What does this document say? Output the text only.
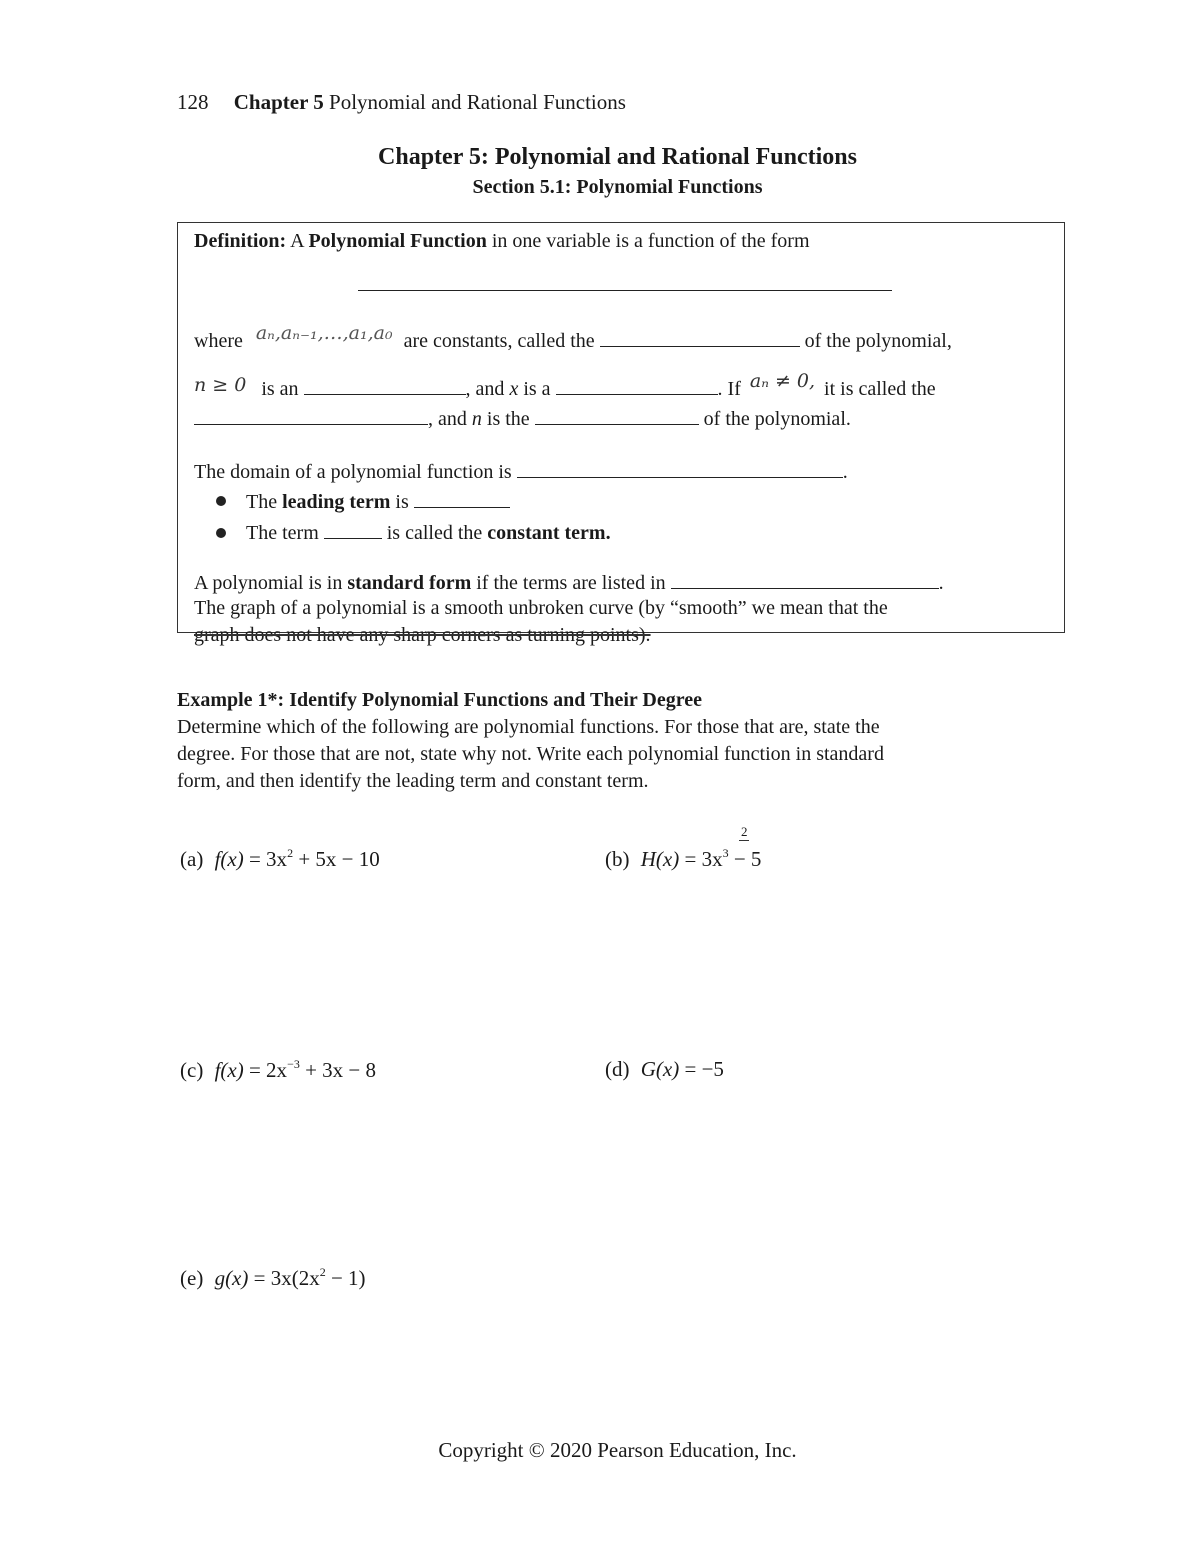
128 Chapter 5 Polynomial and Rational Functions
Chapter 5: Polynomial and Rational Functions
Section 5.1: Polynomial Functions
Definition: A Polynomial Function in one variable is a function of the form
where aₙ,aₙ₋₁,…,a₁,a₀ are constants, called the	of the polynomial,
n ≥ 0 is an	, and x is a	. If aₙ ≠ 0, it is called the
, and n is the	of the polynomial.
The domain of a polynomial function is	.
The leading term is
The term	is called the constant term.
A polynomial is in standard form if the terms are listed in	.
The graph of a polynomial is a smooth unbroken curve (by “smooth” we mean that the
graph does not have any sharp corners as turning points).
Example 1*: Identify Polynomial Functions and Their Degree
Determine which of the following are polynomial functions. For those that are, state the
degree. For those that are not, state why not. Write each polynomial function in standard
form, and then identify the leading term and constant term.
(a) $f(x) = 3x^2 + 5x - 10$
2
(b) $H(x) = 3x^3 - 5$
(c) $f(x) = 2x^{-3} + 3x - 8$	(d) G(x) = −5
(e) $g(x) = 3x(2x^2 - 1)$
Copyright © 2020 Pearson Education, Inc.
